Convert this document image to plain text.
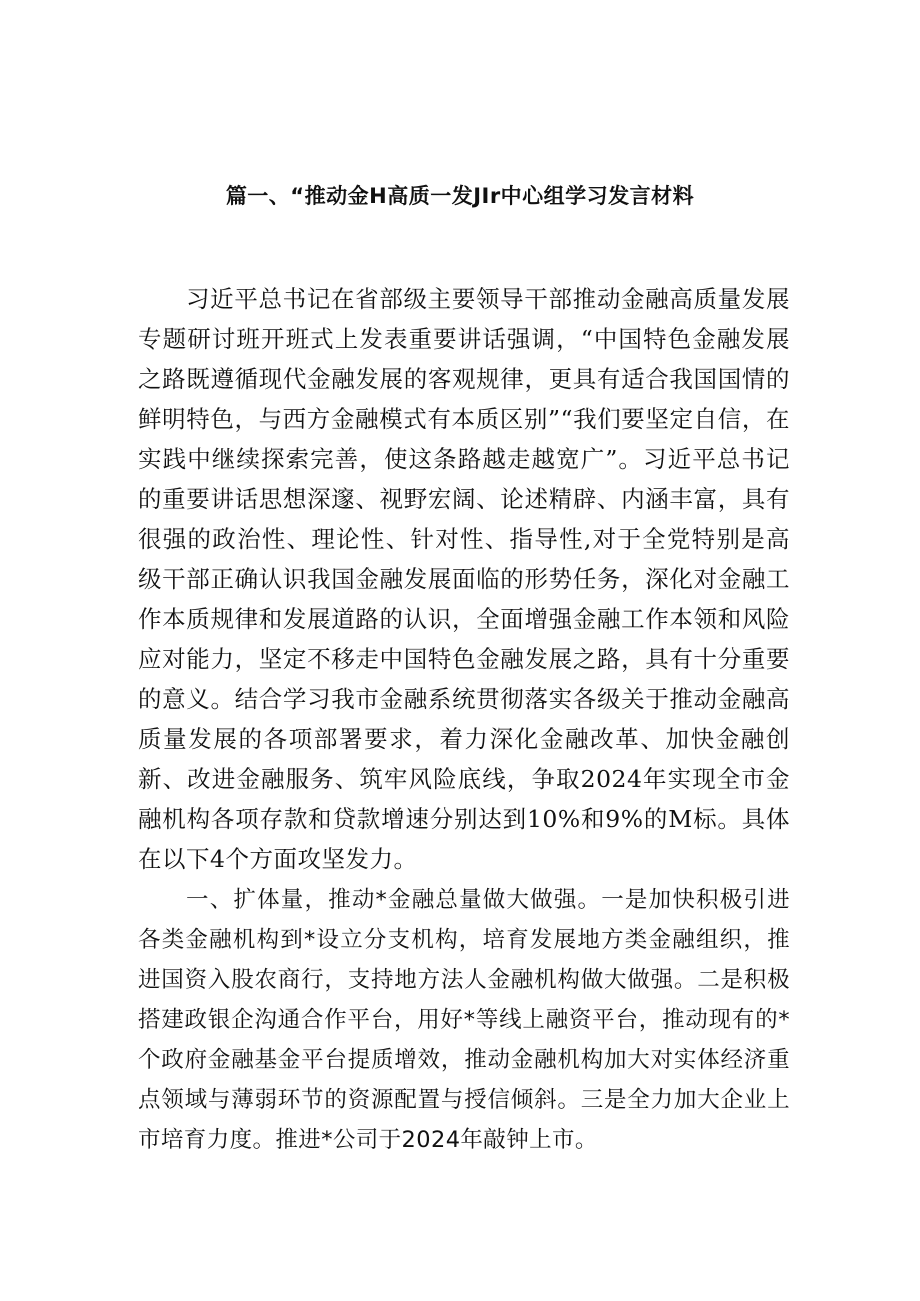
篇一、“推动金H高质一发JIr中心组学习发言材料

习近平总书记在省部级主要领导干部推动金融高质量发展专题研讨班开班式上发表重要讲话强调，“中国特色金融发展之路既遵循现代金融发展的客观规律，更具有适合我国国情的鲜明特色，与西方金融模式有本质区别”“我们要坚定自信，在实践中继续探索完善，使这条路越走越宽广”。习近平总书记的重要讲话思想深邃、视野宏阔、论述精辟、内涵丰富，具有很强的政治性、理论性、针对性、指导性,对于全党特别是高级干部正确认识我国金融发展面临的形势任务，深化对金融工作本质规律和发展道路的认识，全面增强金融工作本领和风险应对能力，坚定不移走中国特色金融发展之路，具有十分重要的意义。结合学习我市金融系统贯彻落实各级关于推动金融高质量发展的各项部署要求，着力深化金融改革、加快金融创新、改进金融服务、筑牢风险底线，争取2024年实现全市金融机构各项存款和贷款增速分别达到10%和9%的M标。具体在以下4个方面攻坚发力。

一、扩体量，推动*金融总量做大做强。一是加快积极引进各类金融机构到*设立分支机构，培育发展地方类金融组织，推进国资入股农商行，支持地方法人金融机构做大做强。二是积极搭建政银企沟通合作平台，用好*等线上融资平台，推动现有的*个政府金融基金平台提质增效，推动金融机构加大对实体经济重点领域与薄弱环节的资源配置与授信倾斜。三是全力加大企业上市培育力度。推进*公司于2024年敲钟上市。
